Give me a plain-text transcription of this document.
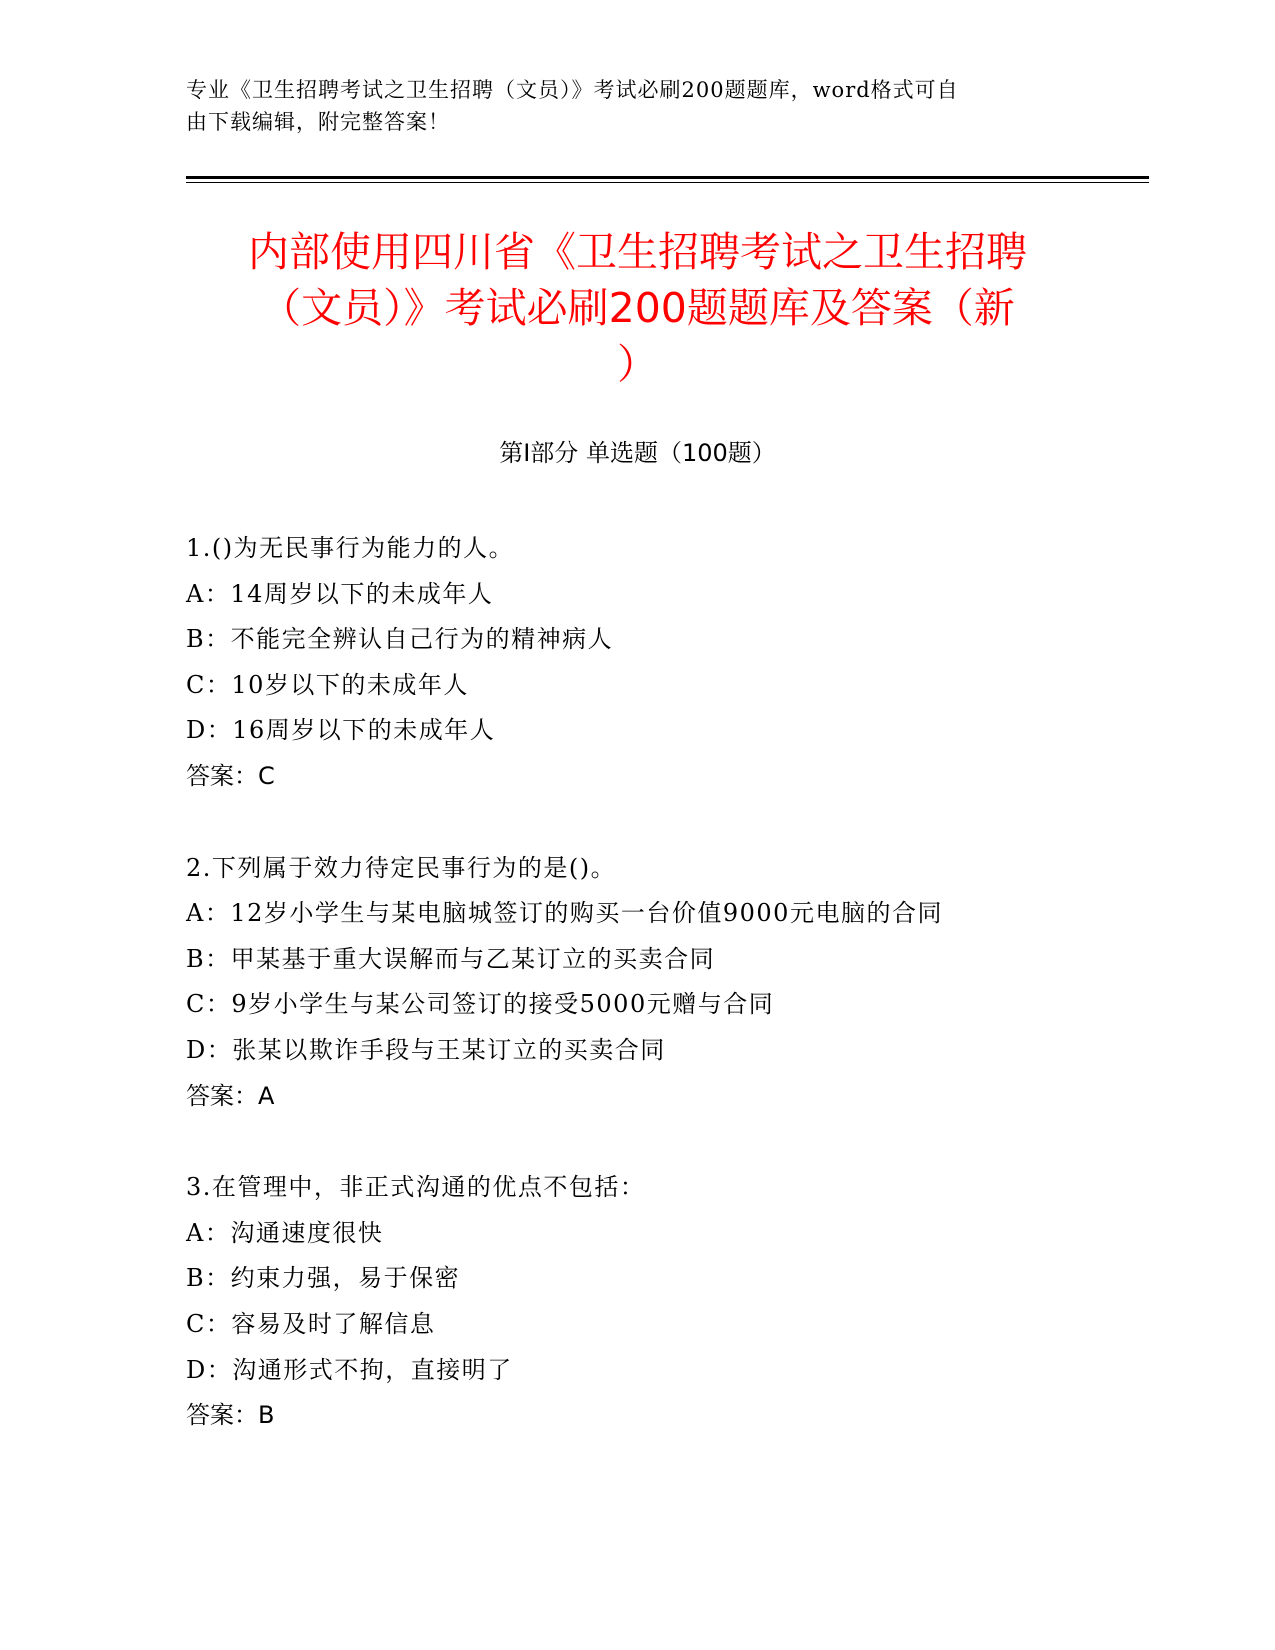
专业《卫生招聘考试之卫生招聘（文员）》考试必刷200题题库，word格式可自
由下载编辑，附完整答案！
内部使用四川省《卫生招聘考试之卫生招聘
（文员）》考试必刷200题题库及答案（新
）
第I部分 单选题（100题）
1.()为无民事行为能力的人。
A：14周岁以下的未成年人
B：不能完全辨认自己行为的精神病人
C：10岁以下的未成年人
D：16周岁以下的未成年人
答案：C
2.下列属于效力待定民事行为的是()。
A：12岁小学生与某电脑城签订的购买一台价值9000元电脑的合同
B：甲某基于重大误解而与乙某订立的买卖合同
C：9岁小学生与某公司签订的接受5000元赠与合同
D：张某以欺诈手段与王某订立的买卖合同
答案：A
3.在管理中，非正式沟通的优点不包括：
A：沟通速度很快
B：约束力强，易于保密
C：容易及时了解信息
D：沟通形式不拘，直接明了
答案：B
